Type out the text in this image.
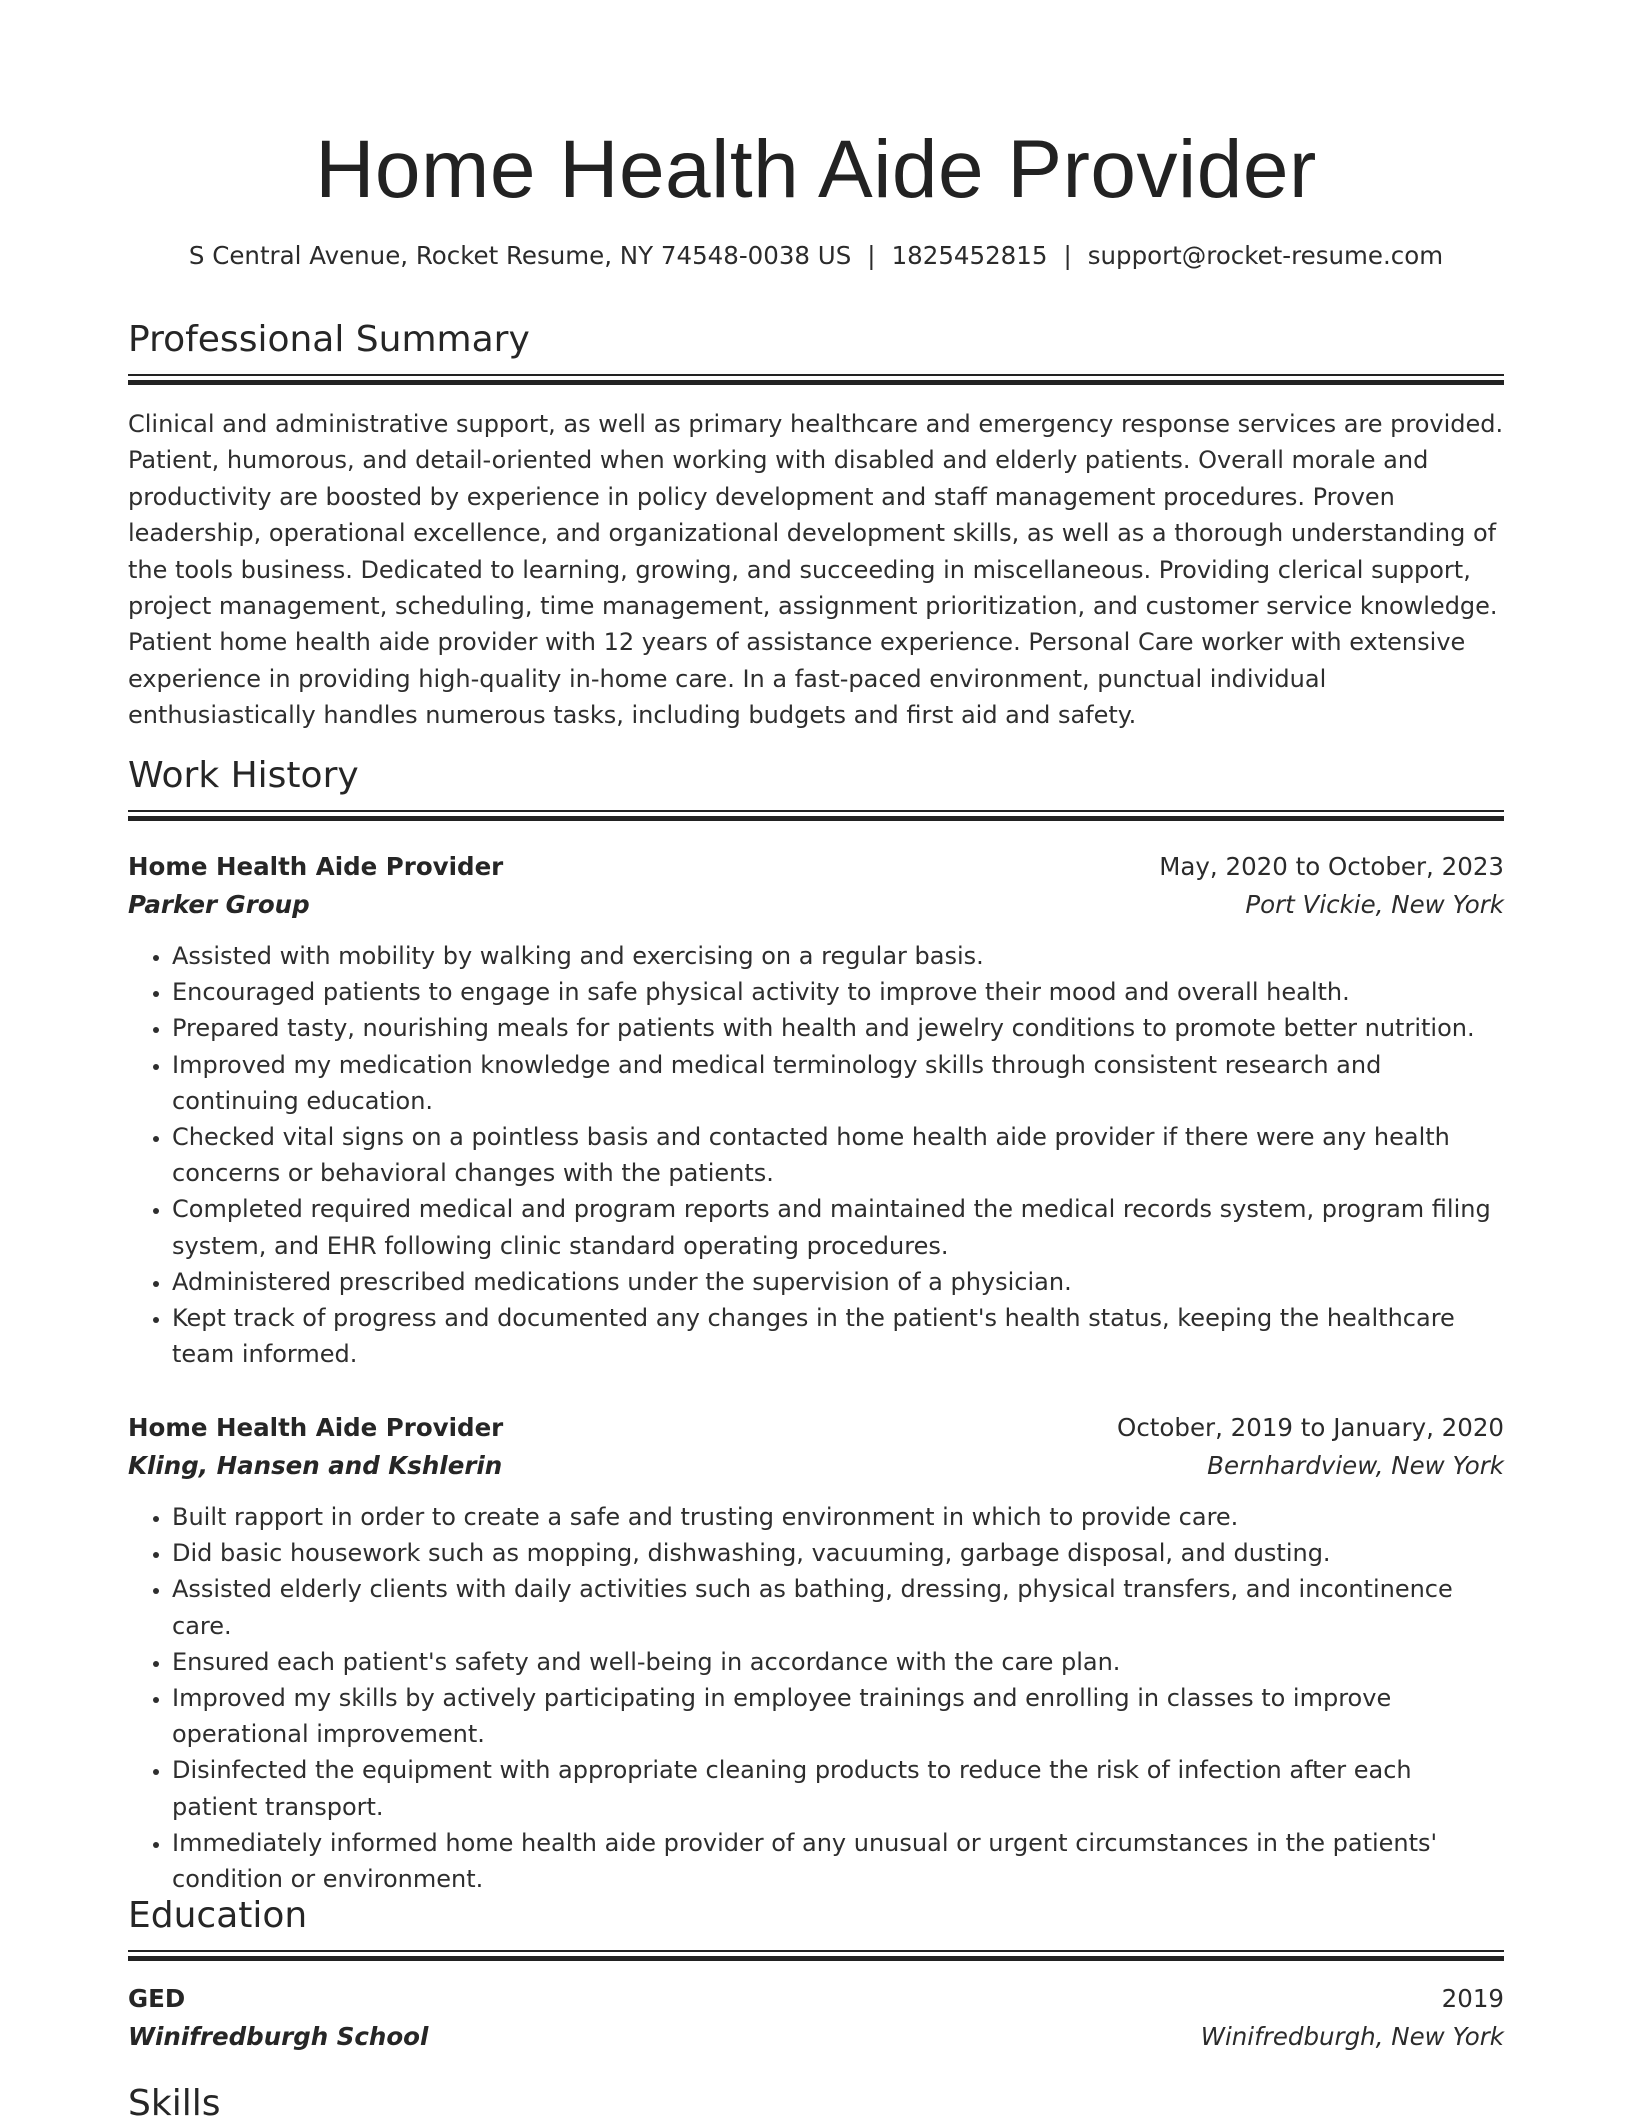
Home Health Aide Provider
S Central Avenue, Rocket Resume, NY 74548-0038 US | 1825452815 | support@rocket-resume.com
Professional Summary

Clinical and administrative support, as well as primary healthcare and emergency response services are provided. Patient, humorous, and detail-oriented when working with disabled and elderly patients. Overall morale and productivity are boosted by experience in policy development and staff management procedures. Proven leadership, operational excellence, and organizational development skills, as well as a thorough understanding of the tools business. Dedicated to learning, growing, and succeeding in miscellaneous. Providing clerical support, project management, scheduling, time management, assignment prioritization, and customer service knowledge. Patient home health aide provider with 12 years of assistance experience. Personal Care worker with extensive experience in providing high-quality in-home care. In a fast-paced environment, punctual individual enthusiastically handles numerous tasks, including budgets and first aid and safety.

Work History
Home Health Aide Provider	May, 2020 to October, 2023
Parker Group	Port Vickie, New York
• Assisted with mobility by walking and exercising on a regular basis.
• Encouraged patients to engage in safe physical activity to improve their mood and overall health.
• Prepared tasty, nourishing meals for patients with health and jewelry conditions to promote better nutrition.
• Improved my medication knowledge and medical terminology skills through consistent research and continuing education.
• Checked vital signs on a pointless basis and contacted home health aide provider if there were any health concerns or behavioral changes with the patients.
• Completed required medical and program reports and maintained the medical records system, program filing system, and EHR following clinic standard operating procedures.
• Administered prescribed medications under the supervision of a physician.
• Kept track of progress and documented any changes in the patient's health status, keeping the healthcare team informed.
Home Health Aide Provider	October, 2019 to January, 2020
Kling, Hansen and Kshlerin	Bernhardview, New York
• Built rapport in order to create a safe and trusting environment in which to provide care.
• Did basic housework such as mopping, dishwashing, vacuuming, garbage disposal, and dusting.
• Assisted elderly clients with daily activities such as bathing, dressing, physical transfers, and incontinence care.
• Ensured each patient's safety and well-being in accordance with the care plan.
• Improved my skills by actively participating in employee trainings and enrolling in classes to improve operational improvement.
• Disinfected the equipment with appropriate cleaning products to reduce the risk of infection after each patient transport.
• Immediately informed home health aide provider of any unusual or urgent circumstances in the patients' condition or environment.
Education
GED	2019
Winifredburgh School	Winifredburgh, New York
Skills
